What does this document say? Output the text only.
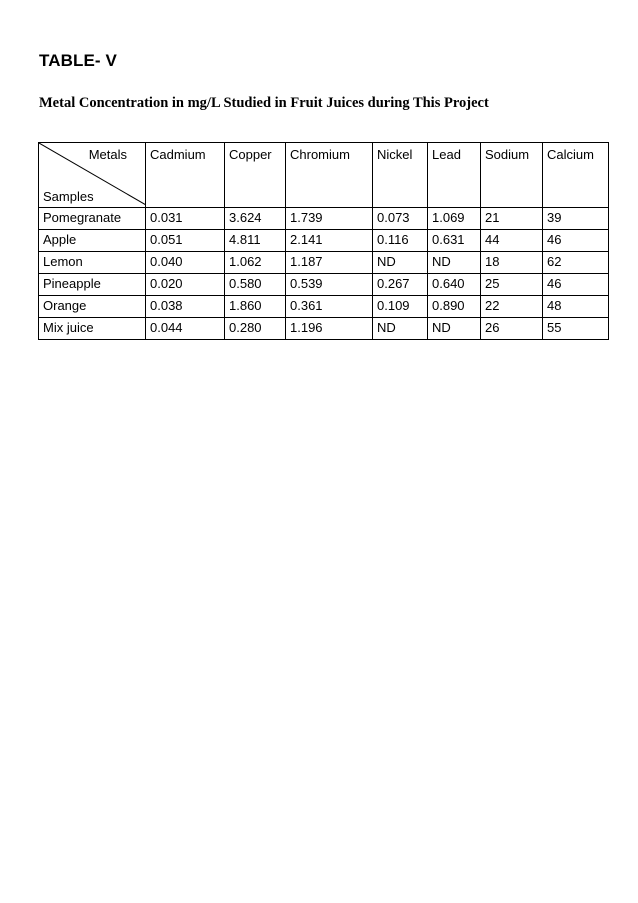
TABLE- V

Metal Concentration in mg/L Studied in Fruit Juices during This Project

Metals
Samples	Cadmium	Copper	Chromium	Nickel	Lead	Sodium	Calcium
Pomegranate	0.031	3.624	1.739	0.073	1.069	21	39
Apple	0.051	4.811	2.141	0.116	0.631	44	46
Lemon	0.040	1.062	1.187	ND	ND	18	62
Pineapple	0.020	0.580	0.539	0.267	0.640	25	46
Orange	0.038	1.860	0.361	0.109	0.890	22	48
Mix juice	0.044	0.280	1.196	ND	ND	26	55
